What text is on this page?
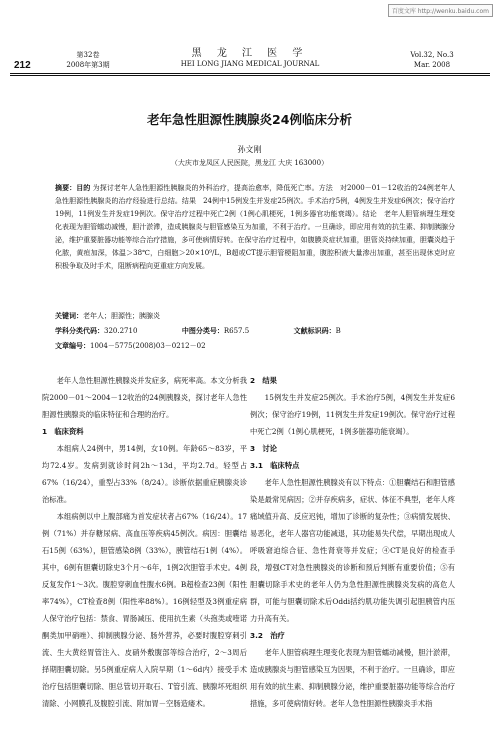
百度文库 http://wenku.baidu.com
212
第32卷
2008年第3期
黑 龙 江 医 学
HEI LONG JIANG MEDICAL JOURNAL
Vol.32, No.3
Mar. 2008
老年急性胆源性胰腺炎24例临床分析
孙文刚
（大庆市龙凤区人民医院，黑龙江 大庆 163000）
摘要：目的 为探讨老年人急性胆源性胰腺炎的外科治疗，提高治愈率，降低死亡率。方法　对2000－01－12收治的24例老年人急性胆源性胰腺炎的治疗经验进行总结。结果　24例中15例发生并发症25例次。手术治疗5例，4例发生并发症6例次；保守治疗19例，11例发生并发症19例次。保守治疗过程中死亡2例（1例心肌梗死，1例多器官功能衰竭）。结论　老年人胆管病理生理变化表现为胆管蠕动减慢，胆汁淤滞，造成胰腺炎与胆管感染互为加重，不利于治疗。一旦确诊，即应用有效的抗生素、抑制胰腺分泌，维护重要脏器功能等综合治疗措施，多可使病情好转。在保守治疗过程中，如腹膜炎症状加重，胆管炎持续加重，胆囊炎趋于化脓，黄疸加深，体温＞38℃，白细胞＞20×10⁹/L，B超或CT提示胆管梗阻加重，腹腔积液大量渗出加重，甚至出现休克时应积极争取及时手术，阻断病程向更重症方向发展。
关键词：老年人；胆源性；胰腺炎
学科分类代码：320.2710	中图分类号：R657.5	文献标识码：B
文章编号：1004－5775(2008)03－0212－02

老年人急性胆源性胰腺炎并发症多，病死率高。本文分析我院2000－01～2004－12收治的24例胰腺炎，探讨老年人急性胆源性胰腺炎的临床特征和合理的治疗。

1　临床资料

本组病人24例中，男14例，女10例。年龄65～83岁，平均72.4岁。发病到就诊时间2h～13d，平均2.7d。轻型占67%（16/24），重型占33%（8/24）。诊断依据重症胰腺炎诊治标准。

本组病例以中上腹部痛为首发症状者占67%（16/24）。17例（71%）并存糖尿病、高血压等疾病45例次。病因：胆囊结石15例（63%），胆管感染8例（33%），胰管结石1例（4%）。其中，6例有胆囊切除史3个月～6年，1例2次胆管手术史。4例反复发作1～3次。腹腔穿刺血性腹水6例。B超检查23例（阳性率74%），CT检查8例（阳性率88%）。16例轻型及3例重症病人保守治疗包括：禁食、胃肠减压、使用抗生素（头孢类或喹诺酮类加甲硝唑）、抑制胰腺分泌、肠外营养，必要时腹腔穿刺引流、生大黄经胃管注入、皮硝外敷腹部等综合治疗，2～3周后择期胆囊切除。另5例重症病人入院早期（1～6d内）接受手术治疗包括胆囊切除、胆总管切开取石、T管引流、胰腺坏死组织清除、小网膜孔及腹腔引流、附加胃－空肠造瘘术。

2　结果

15例发生并发症25例次。手术治疗5例，4例发生并发症6例次；保守治疗19例，11例发生并发症19例次。保守治疗过程中死亡2例（1例心肌梗死，1例多脏器功能衰竭）。

3　讨论

3.1　临床特点

老年人急性胆源性胰腺炎有以下特点：①胆囊结石和胆管感染是最常见病因；②并存疾病多，症状、体征不典型，老年人疼痛域值升高、反应迟钝，增加了诊断的复杂性；③病情发展快、易恶化，老年人器官功能减退，其功能易失代偿，早期出现成人呼吸窘迫综合征、急性肾衰等并发症；④CT是良好的检查手段，增强CT对急性胰腺炎的诊断和预后判断有重要价值；⑤有胆囊切除手术史的老年人仍为急性胆源性胰腺炎发病的高危人群，可能与胆囊切除术后Oddi括约肌功能失调引起胆胰管内压力升高有关。

3.2　治疗

老年人胆管病理生理变化表现为胆管蠕动减慢，胆汁淤滞，造成胰腺炎与胆管感染互为因果，不利于治疗。一旦确诊，即应用有效的抗生素、抑制胰腺分泌，维护重要脏器功能等综合治疗措施，多可使病情好转。老年人急性胆源性胰腺炎手术指
